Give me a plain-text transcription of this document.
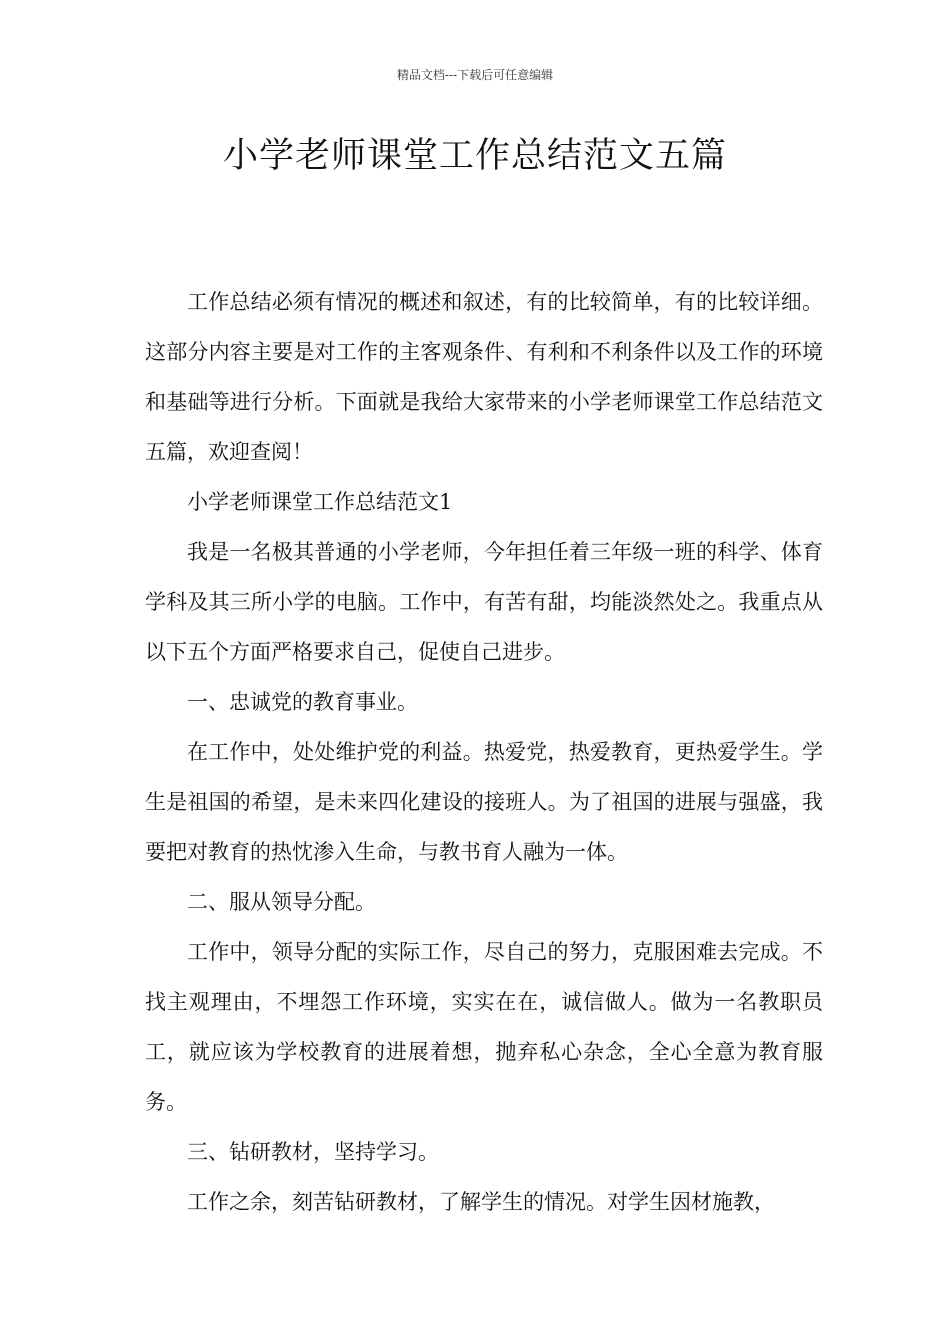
精品文档---下载后可任意编辑
小学老师课堂工作总结范文五篇

工作总结必须有情况的概述和叙述，有的比较简单，有的比较详细。这部分内容主要是对工作的主客观条件、有利和不利条件以及工作的环境和基础等进行分析。下面就是我给大家带来的小学老师课堂工作总结范文五篇，欢迎查阅！

小学老师课堂工作总结范文1

我是一名极其普通的小学老师，今年担任着三年级一班的科学、体育学科及其三所小学的电脑。工作中，有苦有甜，均能淡然处之。我重点从以下五个方面严格要求自己，促使自己进步。

一、忠诚党的教育事业。

在工作中，处处维护党的利益。热爱党，热爱教育，更热爱学生。学生是祖国的希望，是未来四化建设的接班人。为了祖国的进展与强盛，我要把对教育的热忱渗入生命，与教书育人融为一体。

二、服从领导分配。

工作中，领导分配的实际工作，尽自己的努力，克服困难去完成。不找主观理由，不埋怨工作环境，实实在在，诚信做人。做为一名教职员工，就应该为学校教育的进展着想，抛弃私心杂念，全心全意为教育服务。

三、钻研教材，坚持学习。

工作之余，刻苦钻研教材，了解学生的情况。对学生因材施教，
